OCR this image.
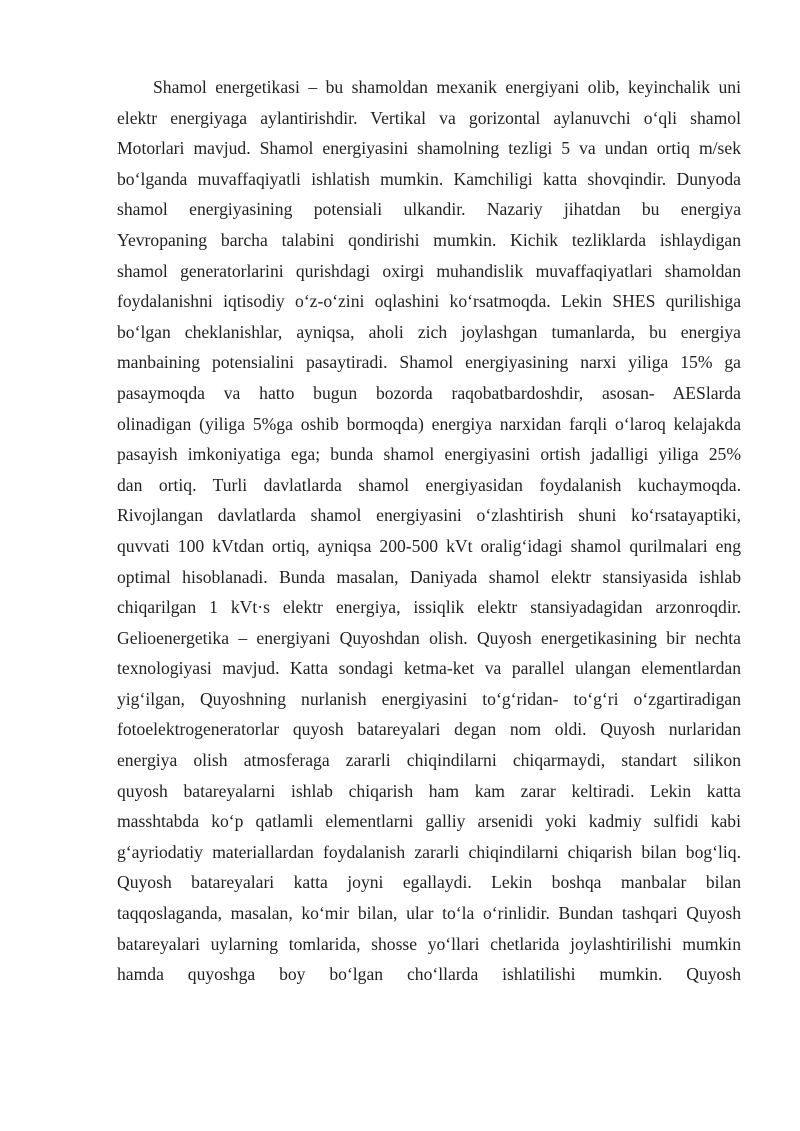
Shamol energetikasi – bu shamoldan mexanik energiyani olib, keyinchalik uni
elektr energiyaga aylantirishdir. Vertikal va gorizontal aylanuvchi o‘qli shamol
Motorlari mavjud. Shamol energiyasini shamolning tezligi 5 va undan ortiq m/sek
bo‘lganda muvaffaqiyatli ishlatish mumkin. Kamchiligi katta shovqindir. Dunyoda
shamol energiyasining potensiali ulkandir. Nazariy jihatdan bu energiya
Yevropaning barcha talabini qondirishi mumkin. Kichik tezliklarda ishlaydigan
shamol generatorlarini qurishdagi oxirgi muhandislik muvaffaqiyatlari shamoldan
foydalanishni iqtisodiy o‘z-o‘zini oqlashini ko‘rsatmoqda. Lekin SHES qurilishiga
bo‘lgan cheklanishlar, ayniqsa, aholi zich joylashgan tumanlarda, bu energiya
manbaining potensialini pasaytiradi. Shamol energiyasining narxi yiliga 15% ga
pasaymoqda va hatto bugun bozorda raqobatbardoshdir, asosan- AESlarda
olinadigan (yiliga 5%ga oshib bormoqda) energiya narxidan farqli o‘laroq kelajakda
pasayish imkoniyatiga ega; bunda shamol energiyasini ortish jadalligi yiliga 25%
dan ortiq. Turli davlatlarda shamol energiyasidan foydalanish kuchaymoqda.
Rivojlangan davlatlarda shamol energiyasini o‘zlashtirish shuni ko‘rsatayaptiki,
quvvati 100 kVtdan ortiq, ayniqsa 200-500 kVt oralig‘idagi shamol qurilmalari eng
optimal hisoblanadi. Bunda masalan, Daniyada shamol elektr stansiyasida ishlab
chiqarilgan 1 kVt·s elektr energiya, issiqlik elektr stansiyadagidan arzonroqdir.
Gelioenergetika – energiyani Quyoshdan olish. Quyosh energetikasining bir nechta
texnologiyasi mavjud. Katta sondagi ketma-ket va parallel ulangan elementlardan
yig‘ilgan, Quyoshning nurlanish energiyasini to‘g‘ridan- to‘g‘ri o‘zgartiradigan
fotoelektrogeneratorlar quyosh batareyalari degan nom oldi. Quyosh nurlaridan
energiya olish atmosferaga zararli chiqindilarni chiqarmaydi, standart silikon
quyosh batareyalarni ishlab chiqarish ham kam zarar keltiradi. Lekin katta
masshtabda ko‘p qatlamli elementlarni galliy arsenidi yoki kadmiy sulfidi kabi
g‘ayriodatiy materiallardan foydalanish zararli chiqindilarni chiqarish bilan bog‘liq.
Quyosh batareyalari katta joyni egallaydi. Lekin boshqa manbalar bilan
taqqoslaganda, masalan, ko‘mir bilan, ular to‘la o‘rinlidir. Bundan tashqari Quyosh
batareyalari uylarning tomlarida, shosse yo‘llari chetlarida joylashtirilishi mumkin
hamda quyoshga boy bo‘lgan cho‘llarda ishlatilishi mumkin. Quyosh
